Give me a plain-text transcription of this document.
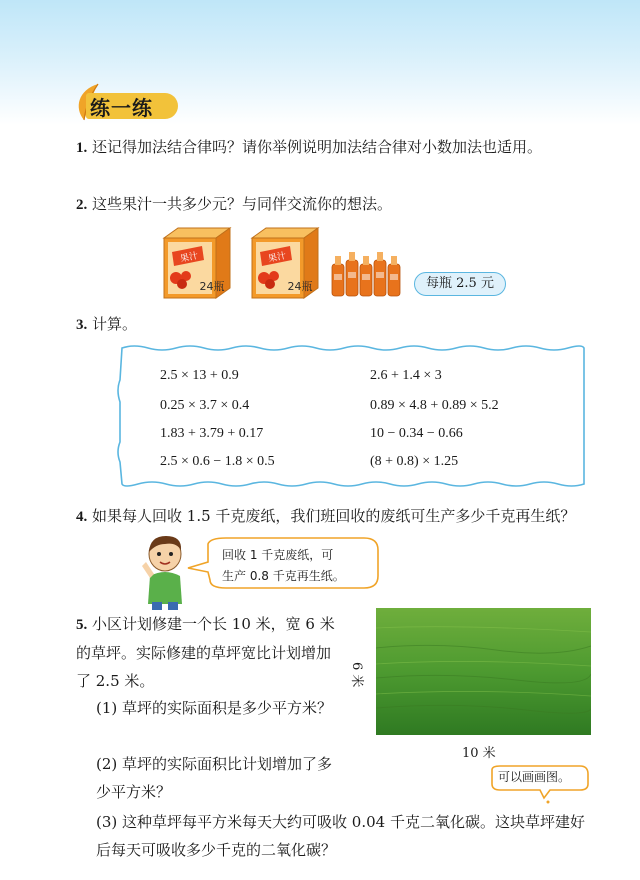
练一练
1. 还记得加法结合律吗？请你举例说明加法结合律对小数加法也适用。
2. 这些果汁一共多少元？与同伴交流你的想法。
果汁
24瓶
果汁
24瓶	每瓶 2.5 元
3. 计算。
2.5 × 13 + 0.9	2.6 + 1.4 × 3
0.25 × 3.7 × 0.4	0.89 × 4.8 + 0.89 × 5.2
1.83 + 3.79 + 0.17	10 − 0.34 − 0.66
2.5 × 0.6 − 1.8 × 0.5	(8 + 0.8) × 1.25
4. 如果每人回收 1.5 千克废纸，我们班回收的废纸可生产多少千克再生纸？
回收 1 千克废纸，可
生产 0.8 千克再生纸。
5. 小区计划修建一个长 10 米，宽 6 米的草坪。实际修建的草坪宽比计划增加了 2.5 米。
(1) 草坪的实际面积是多少平方米？
(2) 草坪的实际面积比计划增加了多少平方米？
(3) 这种草坪每平方米每天大约可吸收 0.04 千克二氧化碳。这块草坪建好后每天可吸收多少千克的二氧化碳？
6 米
10 米
可以画画图。
